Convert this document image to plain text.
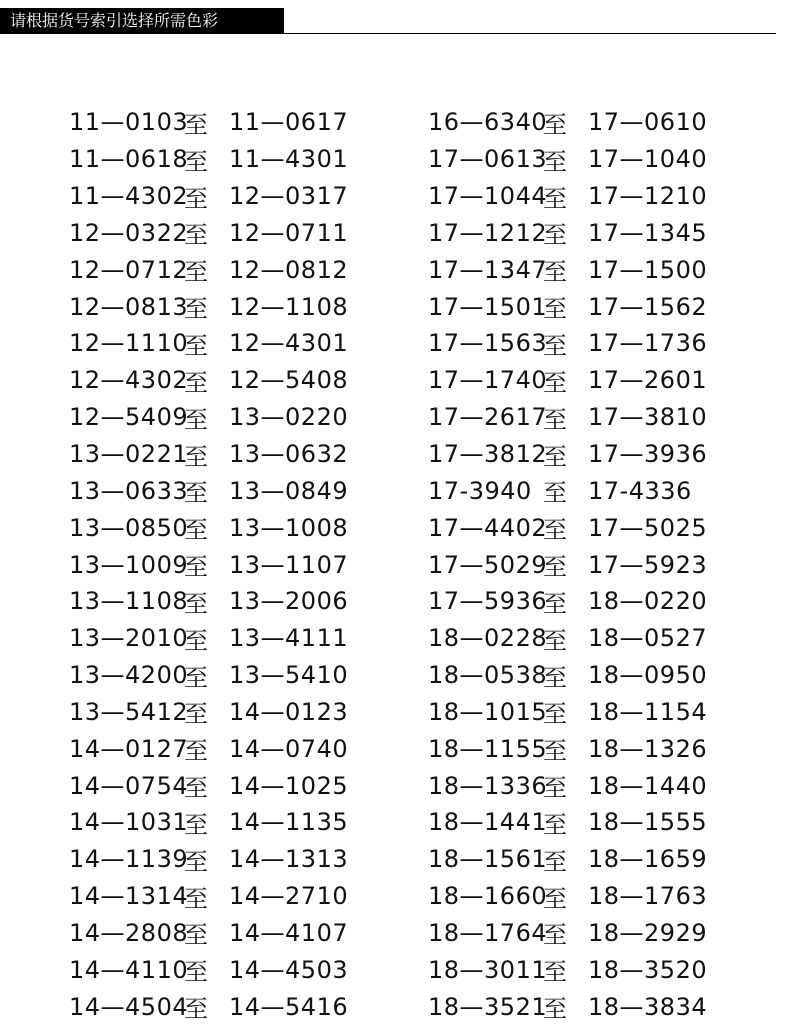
请根据货号索引选择所需色彩
11—0103
至 11—0617
11—0618
至 11—4301
11—4302
至 12—0317
12—0322
至 12—0711
12—0712
至 12—0812
12—0813
至 12—1108
12—1110
至 12—4301
12—4302
至 12—5408
12—5409
至 13—0220
13—0221
至 13—0632
13—0633
至 13—0849
13—0850
至 13—1008
13—1009
至 13—1107
13—1108
至 13—2006
13—2010
至 13—4111
13—4200
至 13—5410
13—5412
至 14—0123
14—0127
至 14—0740
14—0754
至 14—1025
14—1031
至 14—1135
14—1139
至 14—1313
14—1314
至 14—2710
14—2808
至 14—4107
14—4110
至 14—4503
14—4504
至 14—5416
16—6340
至 17—0610
17—0613
至 17—1040
17—1044
至 17—1210
17—1212
至 17—1345
17—1347
至 17—1500
17—1501
至 17—1562
17—1563
至 17—1736
17—1740
至 17—2601
17—2617
至 17—3810
17—3812
至 17—3936
17-3940 至 17-4336
17—4402
至 17—5025
17—5029
至 17—5923
17—5936
至 18—0220
18—0228
至 18—0527
18—0538
至 18—0950
18—1015
至 18—1154
18—1155
至 18—1326
18—1336
至 18—1440
18—1441
至 18—1555
18—1561
至 18—1659
18—1660
至 18—1763
18—1764
至 18—2929
18—3011
至 18—3520
18—3521
至 18—3834
